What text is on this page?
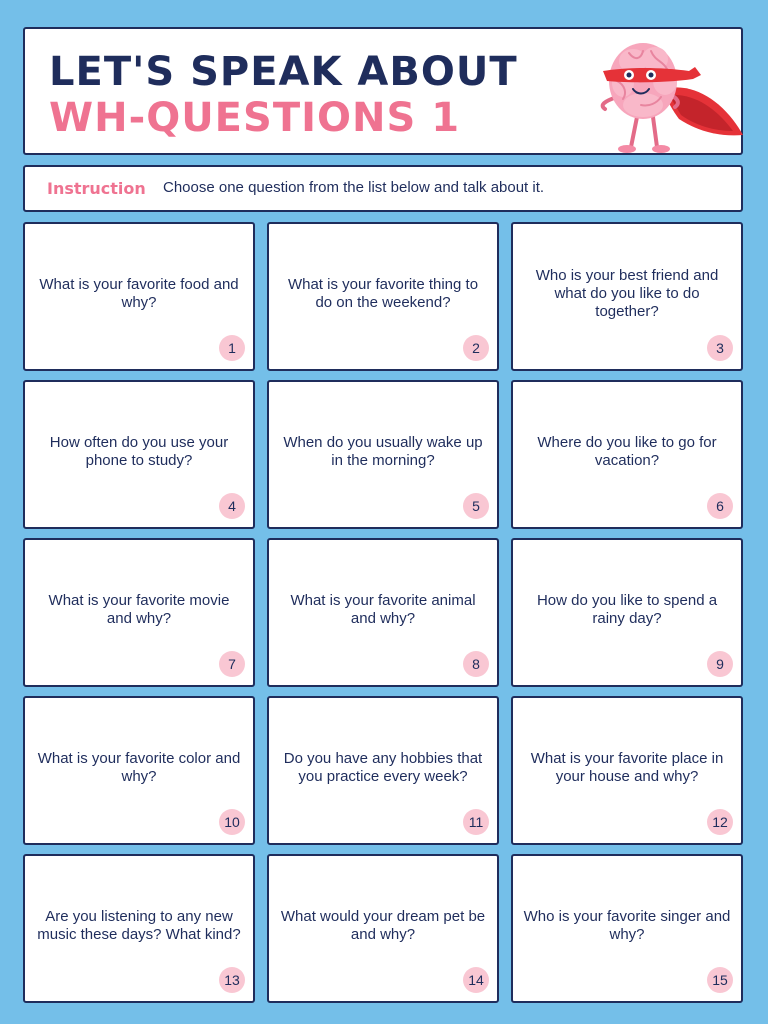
LET'S SPEAK ABOUT
WH-QUESTIONS 1
Instruction Choose one question from the list below and talk about it.
What is your favorite food and why?
1
What is your favorite thing to do on the weekend?
2
Who is your best friend and what do you like to do together?
3
How often do you use your phone to study?
4
When do you usually wake up in the morning?
5
Where do you like to go for vacation?
6
What is your favorite movie and why?
7
What is your favorite animal and why?
8
How do you like to spend a rainy day?
9
What is your favorite color and why?
10
Do you have any hobbies that you practice every week?
11
What is your favorite place in your house and why?
12
Are you listening to any new music these days? What kind?
13
What would your dream pet be and why?
14
Who is your favorite singer and why?
15
